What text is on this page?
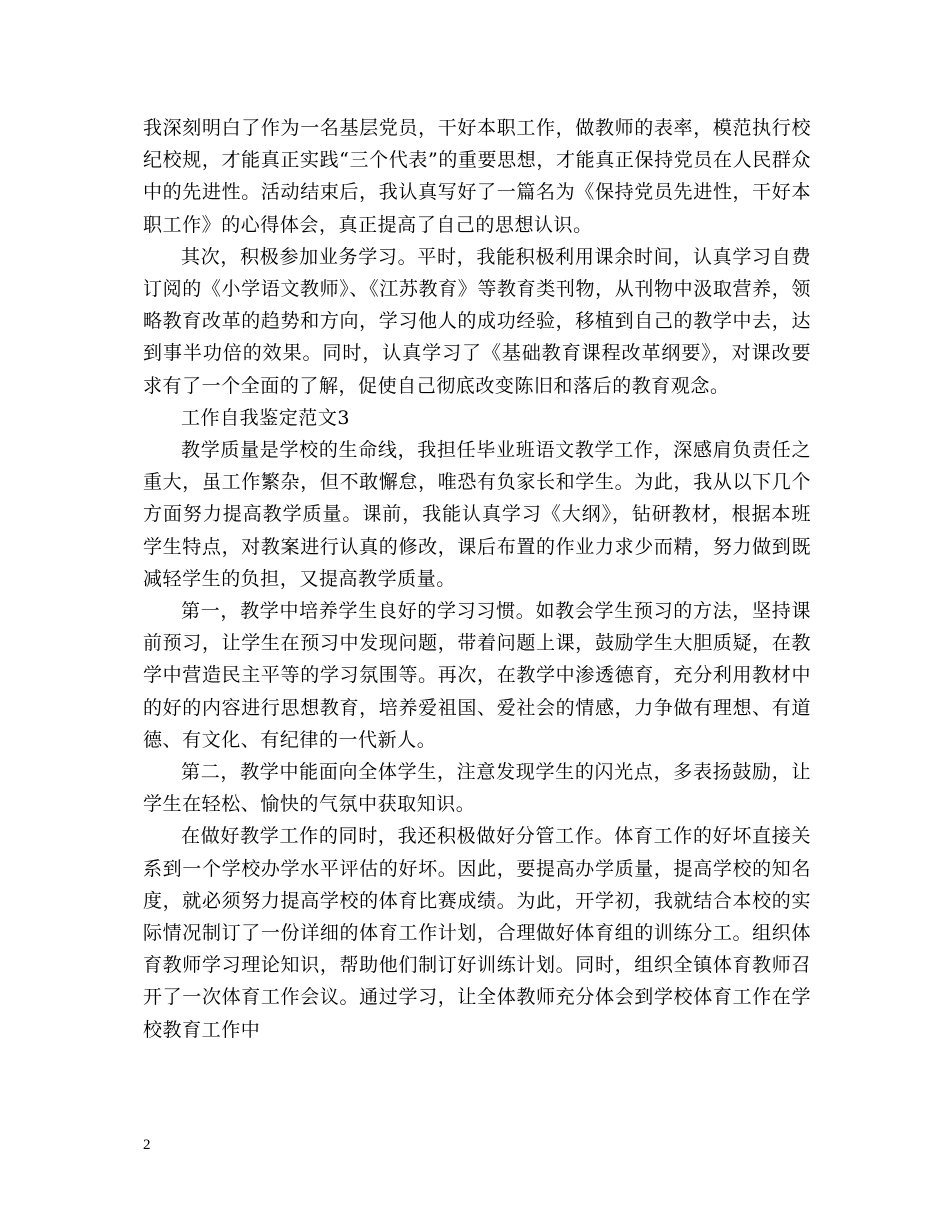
我深刻明白了作为一名基层党员，干好本职工作，做教师的表率，模范执行校纪校规，才能真正实践“三个代表”的重要思想，才能真正保持党员在人民群众中的先进性。活动结束后，我认真写好了一篇名为《保持党员先进性，干好本职工作》的心得体会，真正提高了自己的思想认识。

其次，积极参加业务学习。平时，我能积极利用课余时间，认真学习自费订阅的《小学语文教师》、《江苏教育》等教育类刊物，从刊物中汲取营养，领略教育改革的趋势和方向，学习他人的成功经验，移植到自己的教学中去，达到事半功倍的效果。同时，认真学习了《基础教育课程改革纲要》，对课改要求有了一个全面的了解，促使自己彻底改变陈旧和落后的教育观念。

工作自我鉴定范文3

教学质量是学校的生命线，我担任毕业班语文教学工作，深感肩负责任之重大，虽工作繁杂，但不敢懈怠，唯恐有负家长和学生。为此，我从以下几个方面努力提高教学质量。课前，我能认真学习《大纲》，钻研教材，根据本班学生特点，对教案进行认真的修改，课后布置的作业力求少而精，努力做到既减轻学生的负担，又提高教学质量。

第一，教学中培养学生良好的学习习惯。如教会学生预习的方法，坚持课前预习，让学生在预习中发现问题，带着问题上课，鼓励学生大胆质疑，在教学中营造民主平等的学习氛围等。再次，在教学中渗透德育，充分利用教材中的好的内容进行思想教育，培养爱祖国、爱社会的情感，力争做有理想、有道德、有文化、有纪律的一代新人。

第二，教学中能面向全体学生，注意发现学生的闪光点，多表扬鼓励，让学生在轻松、愉快的气氛中获取知识。

在做好教学工作的同时，我还积极做好分管工作。体育工作的好坏直接关系到一个学校办学水平评估的好坏。因此，要提高办学质量，提高学校的知名度，就必须努力提高学校的体育比赛成绩。为此，开学初，我就结合本校的实际情况制订了一份详细的体育工作计划，合理做好体育组的训练分工。组织体育教师学习理论知识，帮助他们制订好训练计划。同时，组织全镇体育教师召开了一次体育工作会议。通过学习，让全体教师充分体会到学校体育工作在学校教育工作中

2
